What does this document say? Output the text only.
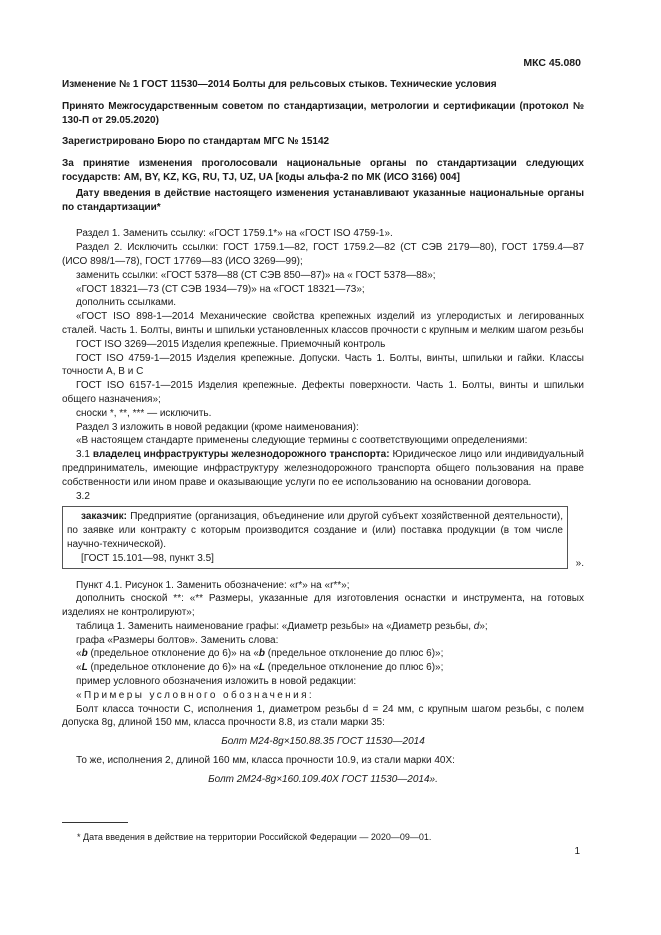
МКС 45.080

Изменение № 1 ГОСТ 11530—2014 Болты для рельсовых стыков. Технические условия

Принято Межгосударственным советом по стандартизации, метрологии и сертификации (протокол № 130-П от 29.05.2020)

Зарегистрировано Бюро по стандартам МГС № 15142

За принятие изменения проголосовали национальные органы по стандартизации следующих государств: AM, BY, KZ, KG, RU, TJ, UZ, UA [коды альфа-2 по МК (ИСО 3166) 004]

Дату введения в действие настоящего изменения устанавливают указанные национальные органы по стандартизации*

Раздел 1. Заменить ссылку: «ГОСТ 1759.1*» на «ГОСТ ISO 4759-1».

Раздел 2. Исключить ссылки: ГОСТ 1759.1—82, ГОСТ 1759.2—82 (СТ СЭВ 2179—80), ГОСТ 1759.4—87 (ИСО 898/1—78), ГОСТ 17769—83 (ИСО 3269—99);

заменить ссылки: «ГОСТ 5378—88 (СТ СЭВ 850—87)» на « ГОСТ 5378—88»;

«ГОСТ 18321—73 (СТ СЭВ 1934—79)» на «ГОСТ 18321—73»;

дополнить ссылками.

«ГОСТ ISO 898-1—2014 Механические свойства крепежных изделий из углеродистых и легированных сталей. Часть 1. Болты, винты и шпильки установленных классов прочности с крупным и мелким шагом резьбы

ГОСТ ISO 3269—2015 Изделия крепежные. Приемочный контроль

ГОСТ ISO 4759-1—2015 Изделия крепежные. Допуски. Часть 1. Болты, винты, шпильки и гайки. Классы точности А, В и С

ГОСТ ISO 6157-1—2015 Изделия крепежные. Дефекты поверхности. Часть 1. Болты, винты и шпильки общего назначения»;

сноски *, **, *** — исключить.

Раздел 3 изложить в новой редакции (кроме наименования):

«В настоящем стандарте применены следующие термины с соответствующими определениями:

3.1 владелец инфраструктуры железнодорожного транспорта: Юридическое лицо или индивидуальный предприниматель, имеющие инфраструктуру железнодорожного транспорта общего пользования на праве собственности или ином праве и оказывающие услуги по ее использованию на основании договора.

3.2

заказчик: Предприятие (организация, объединение или другой субъект хозяйственной деятельности), по заявке или контракту с которым производится создание и (или) поставка продукции (в том числе научно-технической).

[ГОСТ 15.101—98, пункт 3.5]	».

Пункт 4.1. Рисунок 1. Заменить обозначение: «r*» на «r**»;

дополнить сноской **: «** Размеры, указанные для изготовления оснастки и инструмента, на готовых изделиях не контролируют»;

таблица 1. Заменить наименование графы: «Диаметр резьбы» на «Диаметр резьбы, d»;

графа «Размеры болтов». Заменить слова:

«b (предельное отклонение до 6)» на «b (предельное отклонение до плюс 6)»;

«L (предельное отклонение до 6)» на «L (предельное отклонение до плюс 6)»;

пример условного обозначения изложить в новой редакции:

«Примеры условного обозначения:

Болт класса точности С, исполнения 1, диаметром резьбы d = 24 мм, с крупным шагом резьбы, с полем допуска 8g, длиной 150 мм, класса прочности 8.8, из стали марки 35:

Болт М24-8g×150.88.35 ГОСТ 11530—2014

То же, исполнения 2, длиной 160 мм, класса прочности 10.9, из стали марки 40Х:

Болт 2М24-8g×160.109.40Х ГОСТ 11530—2014».

* Дата введения в действие на территории Российской Федерации — 2020—09—01.
1
